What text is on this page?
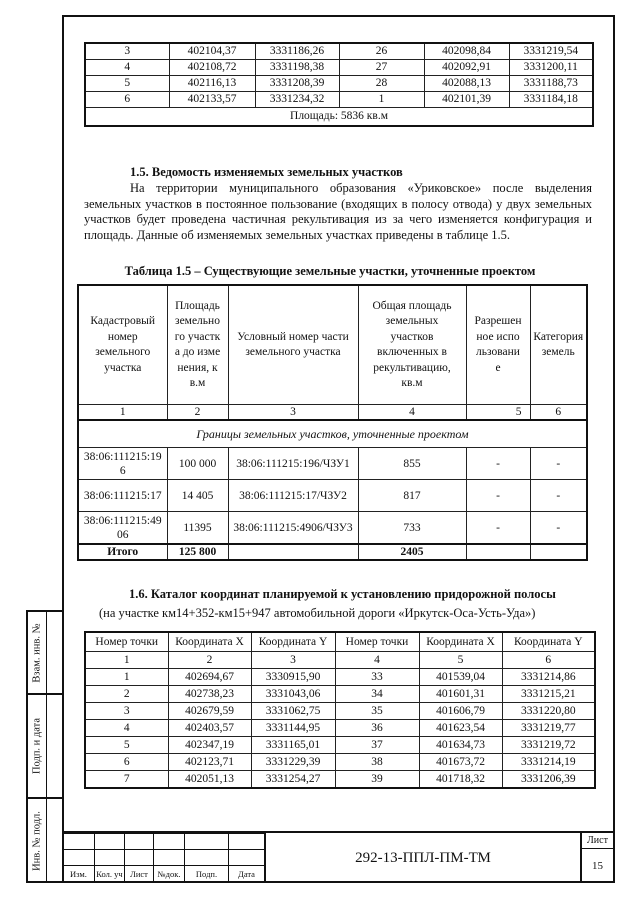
3	402104,37	3331186,26	26	402098,84	3331219,54
4	402108,72	3331198,38	27	402092,91	3331200,11
5	402116,13	3331208,39	28	402088,13	3331188,73
6	402133,57	3331234,32	1	402101,39	3331184,18
Площадь: 5836 кв.м					
1.5. Ведомость изменяемых земельных участков
На территории муниципального образования «Уриковское» после выделения земельных участков в постоянное пользование (входящих в полосу отвода) у двух земельных участков будет проведена частичная рекультивация из за чего изменяется конфигурация и площадь. Данные об изменяемых земельных участках приведены в таблице 1.5.
Таблица 1.5 – Существующие земельные участки, уточненные проектом
Кадастровый номер земельного участка	Площадь земельного участка до изменения, кв.м	Условный номер части земельного участка	Общая площадь земельных участков включенных в рекультивацию, кв.м	Разрешенное использование	Категория земель
1	2	3	4	5	6
Границы земельных участков, уточненные проектом					
38:06:111215:196	100 000	38:06:111215:196/ЧЗУ1	855	-	-
38:06:111215:17	14 405	38:06:111215:17/ЧЗУ2	817	-	-
38:06:111215:4906	11395	38:06:111215:4906/ЧЗУ3	733	-	-
Итого	125 800		2405		
1.6. Каталог координат планируемой к установлению придорожной полосы
(на участке км14+352-км15+947 автомобильной дороги «Иркутск-Оса-Усть-Уда»)
Номер точки	Координата X	Координата Y	Номер точки	Координата X	Координата Y
1	2	3	4	5	6
1	402694,67	3330915,90	33	401539,04	3331214,86
2	402738,23	3331043,06	34	401601,31	3331215,21
3	402679,59	3331062,75	35	401606,79	3331220,80
4	402403,57	3331144,95	36	401623,54	3331219,77
5	402347,19	3331165,01	37	401634,73	3331219,72
6	402123,71	3331229,39	38	401673,72	3331214,19
7	402051,13	3331254,27	39	401718,32	3331206,39
Взам. инв. №
Подп. и дата
Инв. № подл.

Изм.	Кол. уч	Лист	№док.	Подп.	Дата
292-13-ППЛ-ПМ-ТМ
Лист
15
